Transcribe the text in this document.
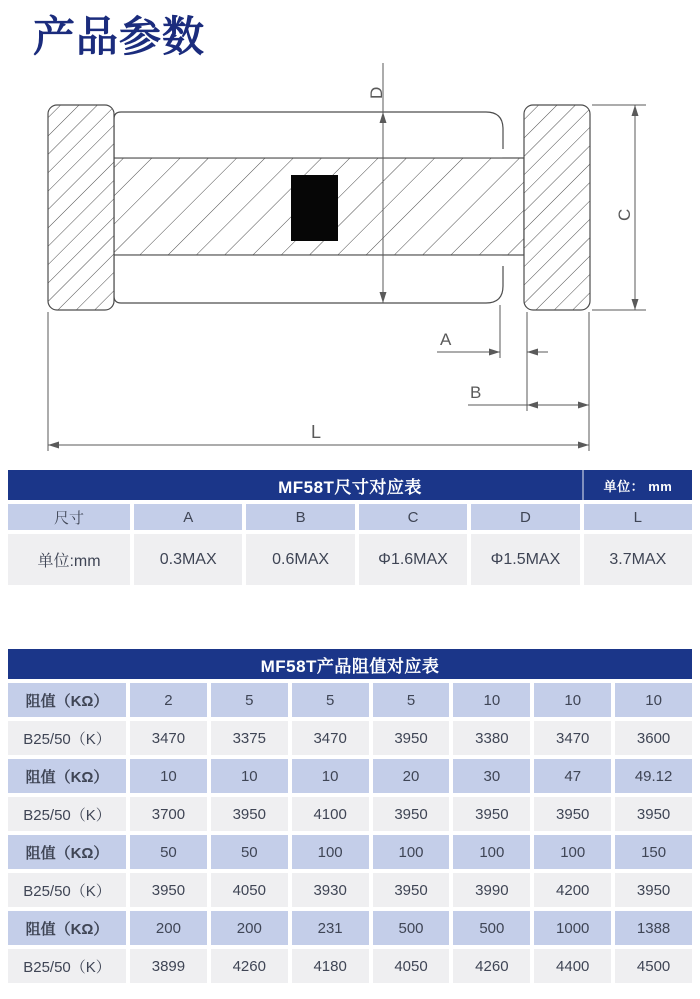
产品参数
D
C
A
B
L
MF58T尺寸对应表	单位： mm
尺寸	A	B	C	D	L
单位:mm	0.3MAX	0.6MAX	Φ1.6MAX	Φ1.5MAX	3.7MAX
MF58T产品阻值对应表
阻值（KΩ）	2	5	5	5	10	10	10
B25/50（K）	3470	3375	3470	3950	3380	3470	3600
阻值（KΩ）	10	10	10	20	30	47	49.12
B25/50（K）	3700	3950	4100	3950	3950	3950	3950
阻值（KΩ）	50	50	100	100	100	100	150
B25/50（K）	3950	4050	3930	3950	3990	4200	3950
阻值（KΩ）	200	200	231	500	500	1000	1388
B25/50（K）	3899	4260	4180	4050	4260	4400	4500
